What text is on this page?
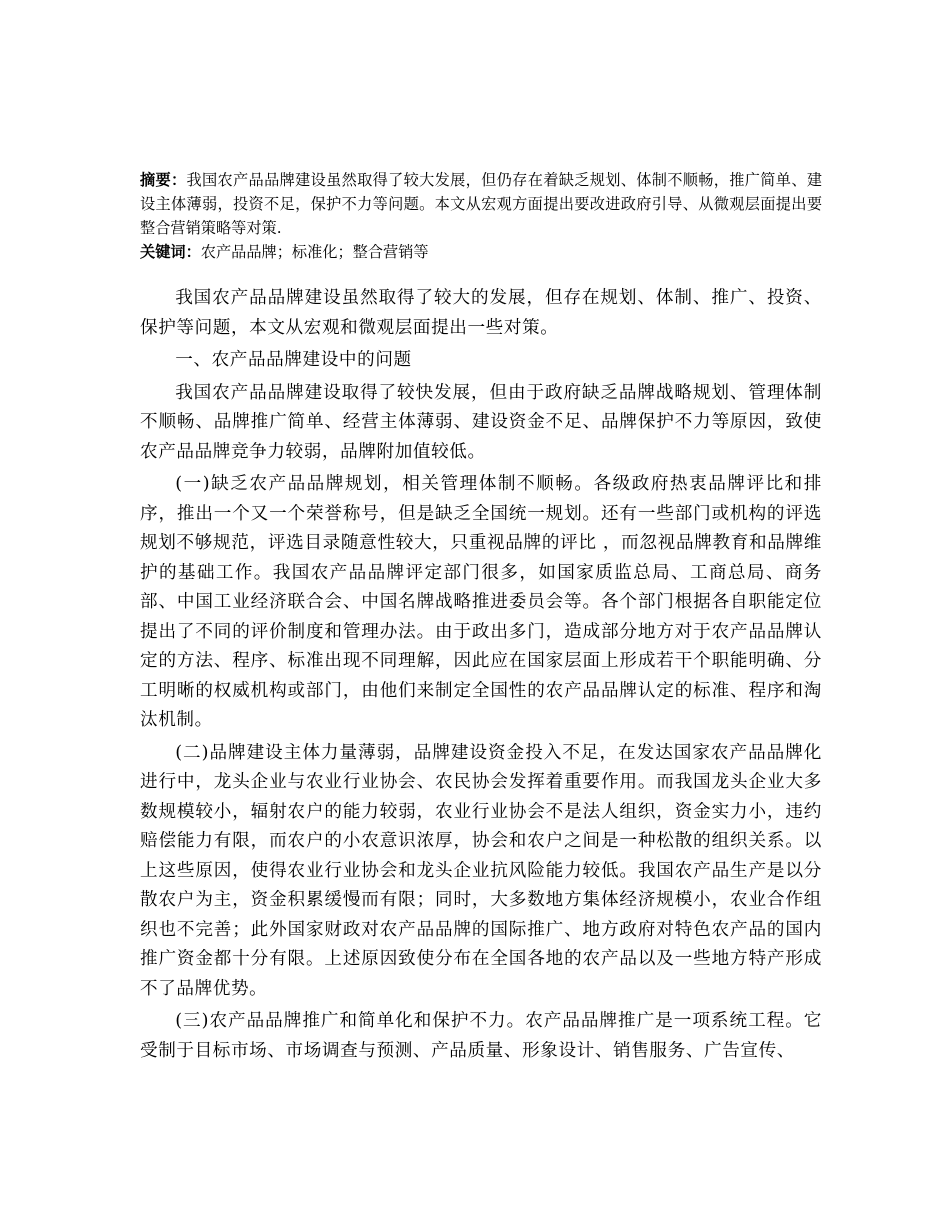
摘要：我国农产品品牌建设虽然取得了较大发展，但仍存在着缺乏规划、体制不顺畅，推广简单、建设主体薄弱，投资不足，保护不力等问题。本文从宏观方面提出要改进政府引导、从微观层面提出要整合营销策略等对策.

关键词：农产品品牌；标准化；整合营销等

我国农产品品牌建设虽然取得了较大的发展，但存在规划、体制、推广、投资、保护等问题，本文从宏观和微观层面提出一些对策。

一、农产品品牌建设中的问题

我国农产品品牌建设取得了较快发展，但由于政府缺乏品牌战略规划、管理体制不顺畅、品牌推广简单、经营主体薄弱、建设资金不足、品牌保护不力等原因，致使农产品品牌竞争力较弱，品牌附加值较低。

(一)缺乏农产品品牌规划，相关管理体制不顺畅。各级政府热衷品牌评比和排序，推出一个又一个荣誉称号，但是缺乏全国统一规划。还有一些部门或机构的评选规划不够规范，评选目录随意性较大，只重视品牌的评比 ，而忽视品牌教育和品牌维护的基础工作。我国农产品品牌评定部门很多，如国家质监总局、工商总局、商务部、中国工业经济联合会、中国名牌战略推进委员会等。各个部门根据各自职能定位提出了不同的评价制度和管理办法。由于政出多门，造成部分地方对于农产品品牌认定的方法、程序、标准出现不同理解，因此应在国家层面上形成若干个职能明确、分工明晰的权威机构或部门，由他们来制定全国性的农产品品牌认定的标准、程序和淘汰机制。

(二)品牌建设主体力量薄弱，品牌建设资金投入不足，在发达国家农产品品牌化进行中，龙头企业与农业行业协会、农民协会发挥着重要作用。而我国龙头企业大多数规模较小，辐射农户的能力较弱，农业行业协会不是法人组织，资金实力小，违约赔偿能力有限，而农户的小农意识浓厚，协会和农户之间是一种松散的组织关系。以上这些原因，使得农业行业协会和龙头企业抗风险能力较低。我国农产品生产是以分散农户为主，资金积累缓慢而有限；同时，大多数地方集体经济规模小，农业合作组织也不完善；此外国家财政对农产品品牌的国际推广、地方政府对特色农产品的国内推广资金都十分有限。上述原因致使分布在全国各地的农产品以及一些地方特产形成不了品牌优势。

(三)农产品品牌推广和简单化和保护不力。农产品品牌推广是一项系统工程。它受制于目标市场、市场调查与预测、产品质量、形象设计、销售服务、广告宣传、
